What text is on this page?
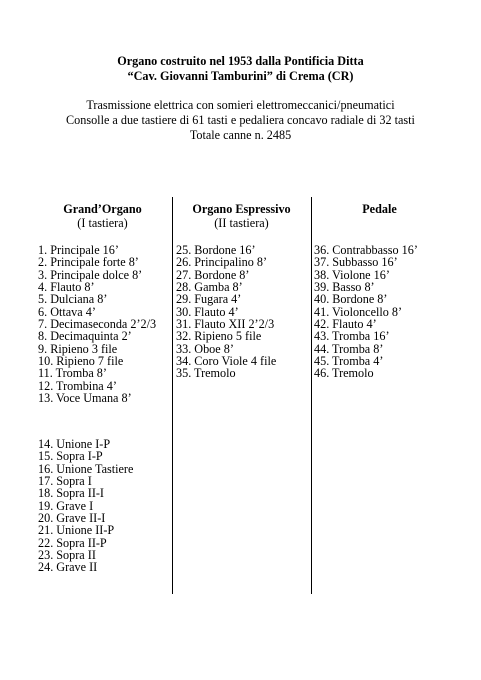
Organo costruito nel 1953 dalla Pontificia Ditta
“Cav. Giovanni Tamburini” di Crema (CR)
Trasmissione elettrica con somieri elettromeccanici/pneumatici
Consolle a due tastiere di 61 tasti e pedaliera concavo radiale di 32 tasti
Totale canne n. 2485
Grand’Organo
(I tastiera)
1. Principale 16’
2. Principale forte 8’
3. Principale dolce 8’
4. Flauto 8’
5. Dulciana 8’
6. Ottava 4’
7. Decimaseconda 2’2/3
8. Decimaquinta 2’
9. Ripieno 3 file
10. Ripieno 7 file
11. Tromba 8’
12. Trombina 4’
13. Voce Umana 8’
14. Unione I-P
15. Sopra I-P
16. Unione Tastiere
17. Sopra I
18. Sopra II-I
19. Grave I
20. Grave II-I
21. Unione II-P
22. Sopra II-P
23. Sopra II
24. Grave II
Organo Espressivo
(II tastiera)
25. Bordone 16’
26. Principalino 8’
27. Bordone 8’
28. Gamba 8’
29. Fugara 4’
30. Flauto 4’
31. Flauto XII 2’2/3
32. Ripieno 5 file
33. Oboe 8’
34. Coro Viole 4 file
35. Tremolo
Pedale
36. Contrabbasso 16’
37. Subbasso 16’
38. Violone 16’
39. Basso 8’
40. Bordone 8’
41. Violoncello 8’
42. Flauto 4’
43. Tromba 16’
44. Tromba 8’
45. Tromba 4’
46. Tremolo
